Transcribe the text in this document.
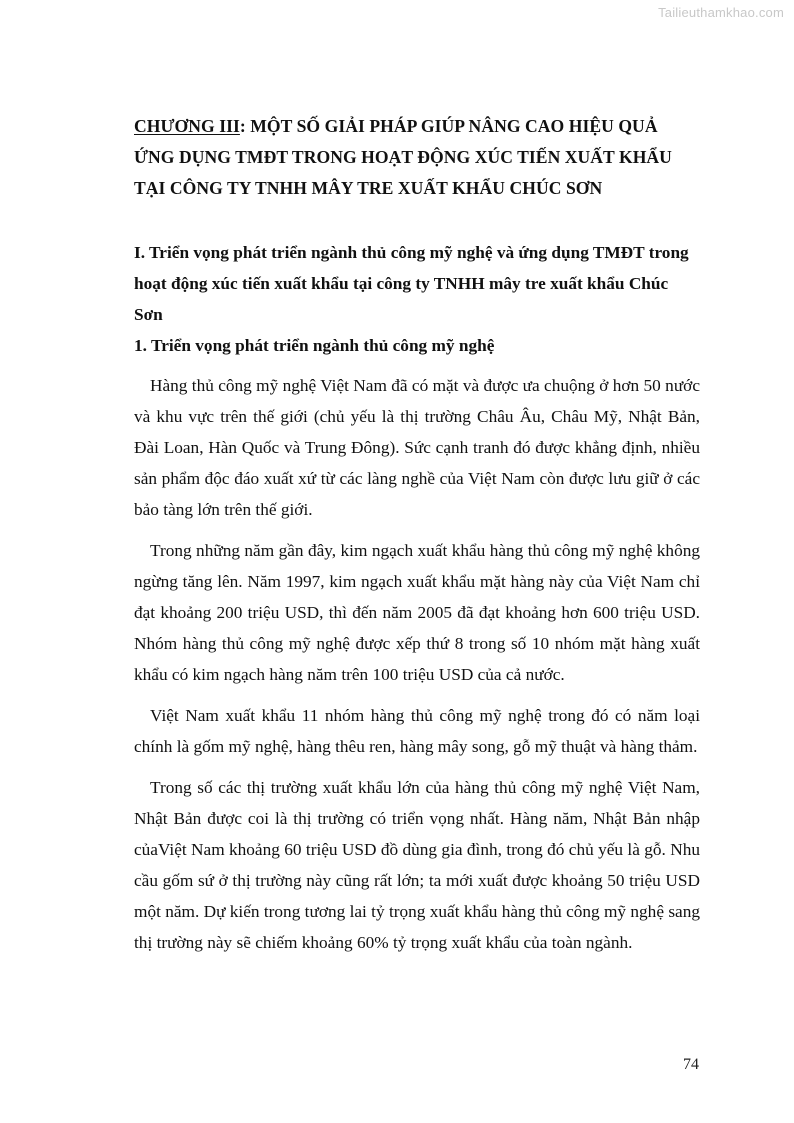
Tailieuthamkhao.com
CHƯƠNG III: MỘT SỐ GIẢI PHÁP GIÚP NÂNG CAO HIỆU QUẢ ỨNG DỤNG TMĐT TRONG HOẠT ĐỘNG XÚC TIẾN XUẤT KHẨU TẠI CÔNG TY TNHH MÂY TRE XUẤT KHẨU CHÚC SƠN
I. Triển vọng phát triển ngành thủ công mỹ nghệ và ứng dụng TMĐT trong hoạt động xúc tiến xuất khẩu tại công ty TNHH mây tre xuất khẩu Chúc Sơn
1. Triển vọng phát triển ngành thủ công mỹ nghệ

Hàng thủ công mỹ nghệ Việt Nam đã có mặt và được ưa chuộng ở hơn 50 nước và khu vực trên thế giới (chủ yếu là thị trường Châu Âu, Châu Mỹ, Nhật Bản, Đài Loan, Hàn Quốc và Trung Đông). Sức cạnh tranh đó được khẳng định, nhiều sản phẩm độc đáo xuất xứ từ các làng nghề của Việt Nam còn được lưu giữ ở các bảo tàng lớn trên thế giới.

Trong những năm gần đây, kim ngạch xuất khẩu hàng thủ công mỹ nghệ không ngừng tăng lên. Năm 1997, kim ngạch xuất khẩu mặt hàng này của Việt Nam chỉ đạt khoảng 200 triệu USD, thì đến năm 2005 đã đạt khoảng hơn 600 triệu USD. Nhóm hàng thủ công mỹ nghệ được xếp thứ 8 trong số 10 nhóm mặt hàng xuất khẩu có kim ngạch hàng năm trên 100 triệu USD của cả nước.

Việt Nam xuất khẩu 11 nhóm hàng thủ công mỹ nghệ trong đó có năm loại chính là gốm mỹ nghệ, hàng thêu ren, hàng mây song, gỗ mỹ thuật và hàng thảm.

Trong số các thị trường xuất khẩu lớn của hàng thủ công mỹ nghệ Việt Nam, Nhật Bản được coi là thị trường có triển vọng nhất. Hàng năm, Nhật Bản nhập củaViệt Nam khoảng 60 triệu USD đồ dùng gia đình, trong đó chủ yếu là gỗ. Nhu cầu gốm sứ ở thị trường này cũng rất lớn; ta mới xuất được khoảng 50 triệu USD một năm. Dự kiến trong tương lai tỷ trọng xuất khẩu hàng thủ công mỹ nghệ sang thị trường này sẽ chiếm khoảng 60% tỷ trọng xuất khẩu của toàn ngành.

74
